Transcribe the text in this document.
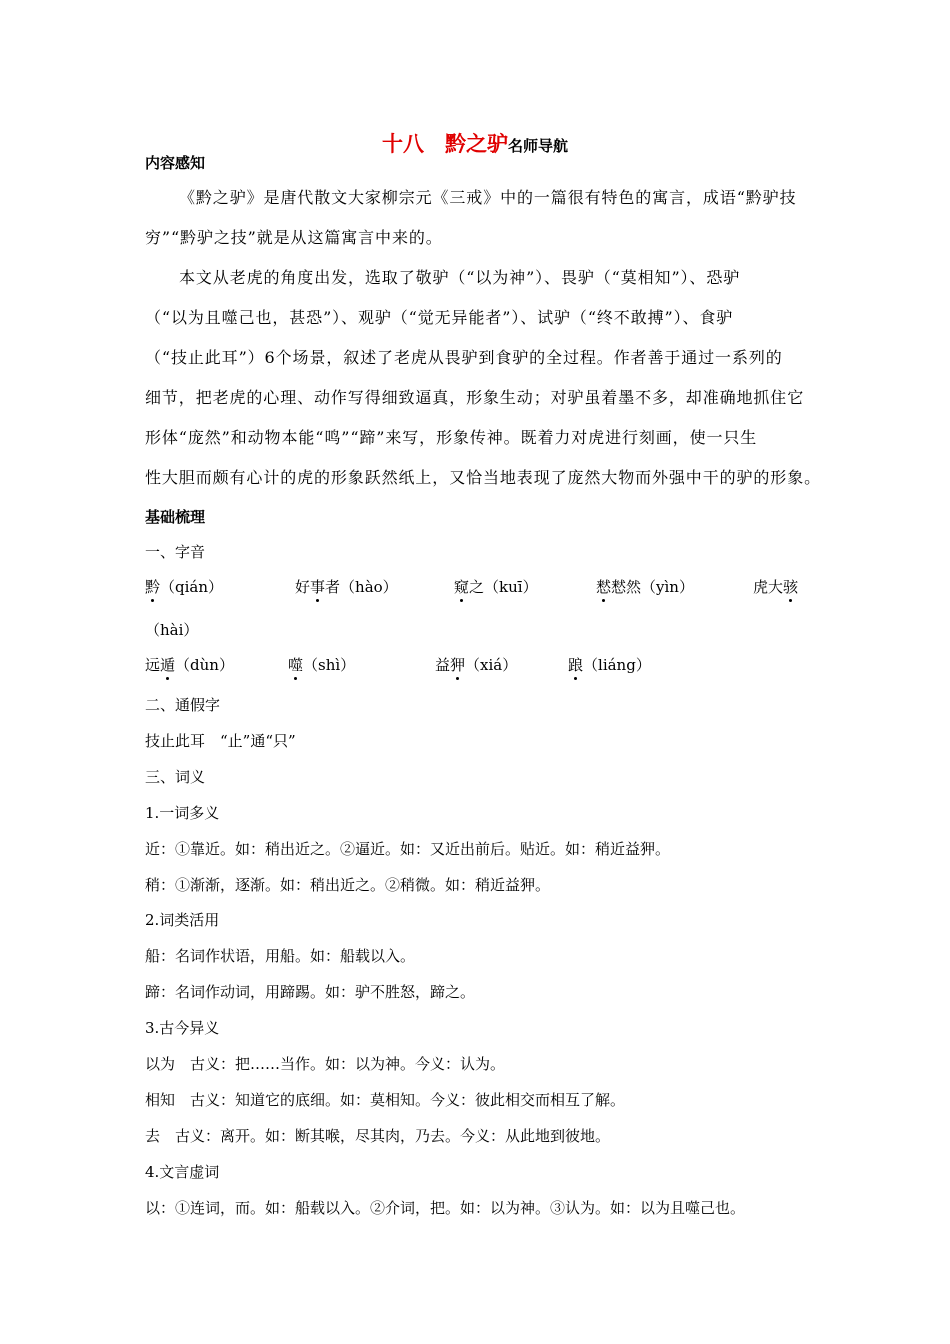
十八　黔之驴名师导航
内容感知
《黔之驴》是唐代散文大家柳宗元《三戒》中的一篇很有特色的寓言，成语“黔驴技
穷”“黔驴之技”就是从这篇寓言中来的。
本文从老虎的角度出发，选取了敬驴（“以为神”）、畏驴（“莫相知”）、恐驴
（“以为且噬己也，甚恐”）、观驴（“觉无异能者”）、试驴（“终不敢搏”）、食驴
（“技止此耳”）6个场景，叙述了老虎从畏驴到食驴的全过程。作者善于通过一系列的
细节，把老虎的心理、动作写得细致逼真，形象生动；对驴虽着墨不多，却准确地抓住它
形体“庞然”和动物本能“鸣”“蹄”来写，形象传神。既着力对虎进行刻画，使一只生
性大胆而颇有心计的虎的形象跃然纸上，又恰当地表现了庞然大物而外强中干的驴的形象。
基础梳理
一、字音
黔（qián）	好事者（hào）	窥之（kuī）	慭慭然（yìn）	虎大骇
（hài）
远遁（dùn）	噬（shì）	益狎（xiá）	踉（liáng）
二、通假字
技止此耳　“止”通“只”
三、词义
1.一词多义
近：①靠近。如：稍出近之。②逼近。如：又近出前后。贴近。如：稍近益狎。
稍：①渐渐，逐渐。如：稍出近之。②稍微。如：稍近益狎。
2.词类活用
船：名词作状语，用船。如：船载以入。
蹄：名词作动词，用蹄踢。如：驴不胜怒，蹄之。
3.古今异义
以为　古义：把……当作。如：以为神。今义：认为。
相知　古义：知道它的底细。如：莫相知。今义：彼此相交而相互了解。
去　古义：离开。如：断其喉，尽其肉，乃去。今义：从此地到彼地。
4.文言虚词
以：①连词，而。如：船载以入。②介词，把。如：以为神。③认为。如：以为且噬己也。
